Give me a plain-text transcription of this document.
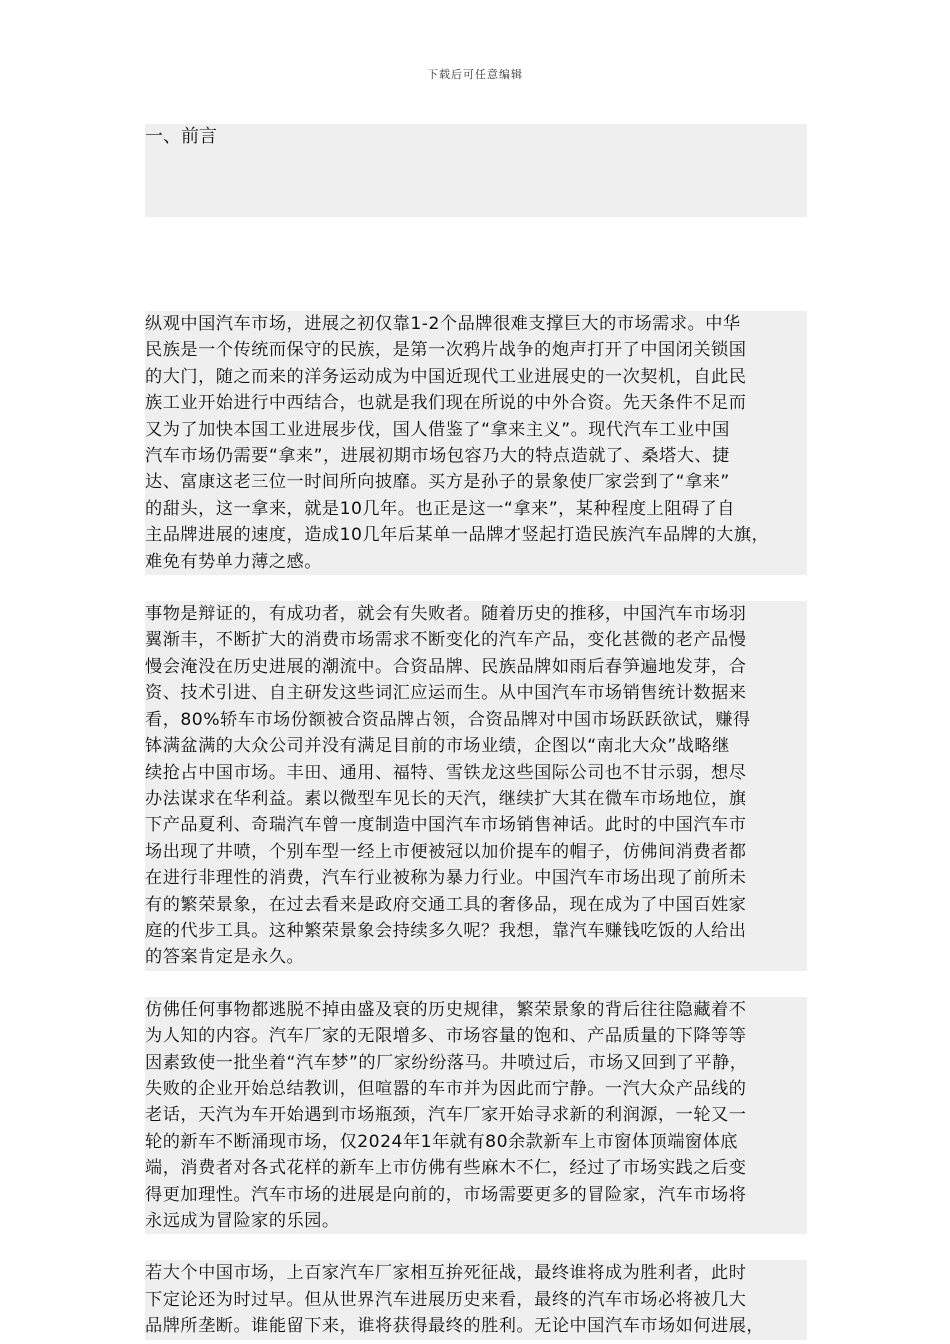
下载后可任意编辑
一、前言
纵观中国汽车市场，进展之初仅靠1-2个品牌很难支撑巨大的市场需求。中华
民族是一个传统而保守的民族，是第一次鸦片战争的炮声打开了中国闭关锁国
的大门，随之而来的洋务运动成为中国近现代工业进展史的一次契机，自此民
族工业开始进行中西结合，也就是我们现在所说的中外合资。先天条件不足而
又为了加快本国工业进展步伐，国人借鉴了“拿来主义”。现代汽车工业中国
汽车市场仍需要“拿来”，进展初期市场包容乃大的特点造就了、桑塔大、捷
达、富康这老三位一时间所向披靡。买方是孙子的景象使厂家尝到了“拿来”
的甜头，这一拿来，就是10几年。也正是这一“拿来”，某种程度上阻碍了自
主品牌进展的速度，造成10几年后某单一品牌才竖起打造民族汽车品牌的大旗，
难免有势单力薄之感。
事物是辩证的，有成功者，就会有失败者。随着历史的推移，中国汽车市场羽
翼渐丰，不断扩大的消费市场需求不断变化的汽车产品，变化甚微的老产品慢
慢会淹没在历史进展的潮流中。合资品牌、民族品牌如雨后春笋遍地发芽，合
资、技术引进、自主研发这些词汇应运而生。从中国汽车市场销售统计数据来
看，80%轿车市场份额被合资品牌占领，合资品牌对中国市场跃跃欲试，赚得
钵满盆满的大众公司并没有满足目前的市场业绩，企图以“南北大众”战略继
续抢占中国市场。丰田、通用、福特、雪铁龙这些国际公司也不甘示弱，想尽
办法谋求在华利益。素以微型车见长的天汽，继续扩大其在微车市场地位，旗
下产品夏利、奇瑞汽车曾一度制造中国汽车市场销售神话。此时的中国汽车市
场出现了井喷，个别车型一经上市便被冠以加价提车的帽子，仿佛间消费者都
在进行非理性的消费，汽车行业被称为暴力行业。中国汽车市场出现了前所未
有的繁荣景象，在过去看来是政府交通工具的奢侈品，现在成为了中国百姓家
庭的代步工具。这种繁荣景象会持续多久呢？我想，靠汽车赚钱吃饭的人给出
的答案肯定是永久。
仿佛任何事物都逃脱不掉由盛及衰的历史规律，繁荣景象的背后往往隐藏着不
为人知的内容。汽车厂家的无限增多、市场容量的饱和、产品质量的下降等等
因素致使一批坐着“汽车梦”的厂家纷纷落马。井喷过后，市场又回到了平静，
失败的企业开始总结教训，但喧嚣的车市并为因此而宁静。一汽大众产品线的
老话，天汽为车开始遇到市场瓶颈，汽车厂家开始寻求新的利润源，一轮又一
轮的新车不断涌现市场，仅2024年1年就有80余款新车上市窗体顶端窗体底
端，消费者对各式花样的新车上市仿佛有些麻木不仁，经过了市场实践之后变
得更加理性。汽车市场的进展是向前的，市场需要更多的冒险家，汽车市场将
永远成为冒险家的乐园。
若大个中国市场，上百家汽车厂家相互拚死征战，最终谁将成为胜利者，此时
下定论还为时过早。但从世界汽车进展历史来看，最终的汽车市场必将被几大
品牌所垄断。谁能留下来，谁将获得最终的胜利。无论中国汽车市场如何进展，
